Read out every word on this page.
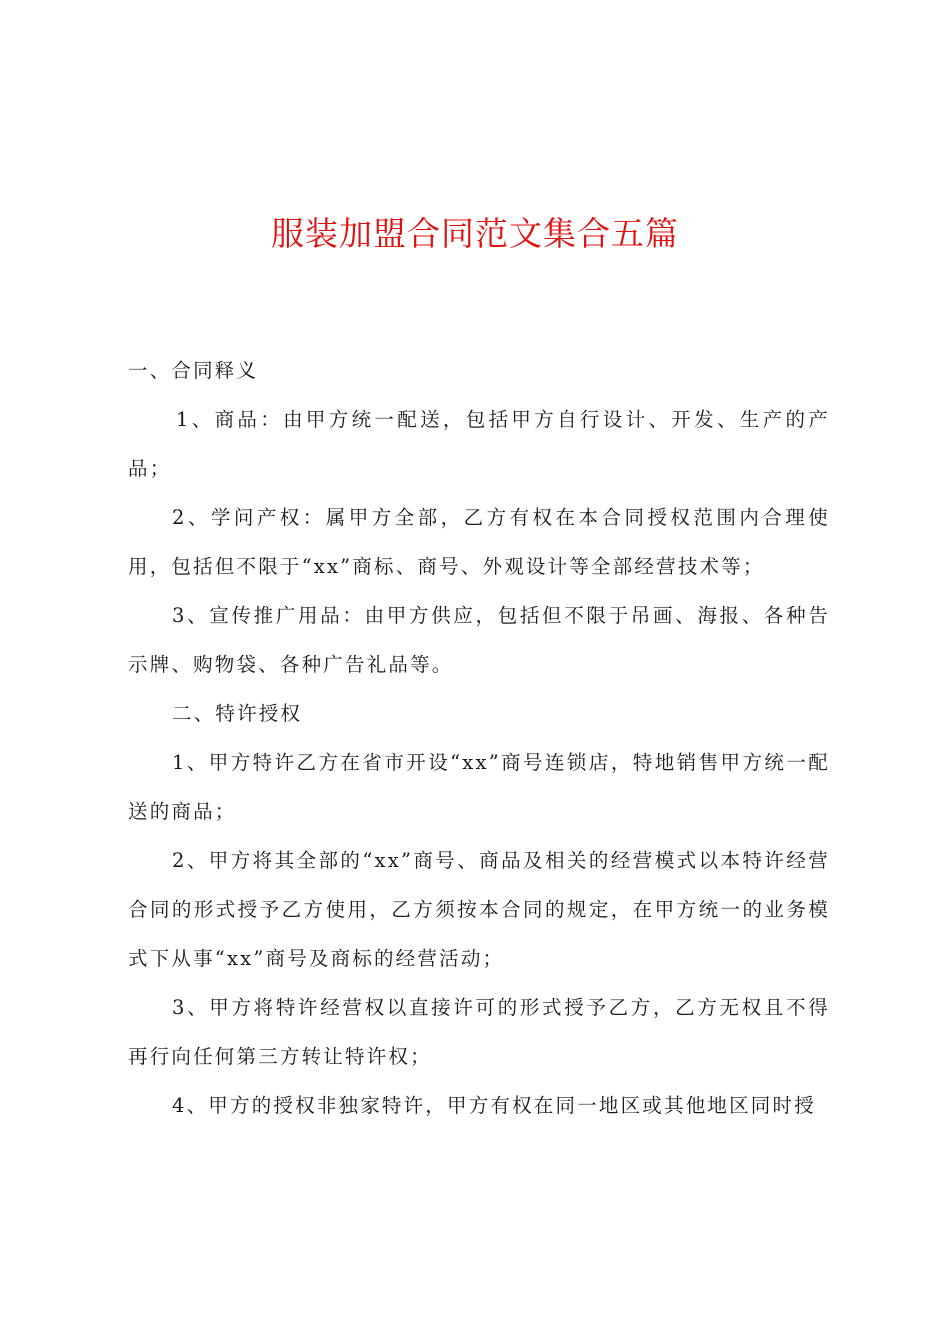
服装加盟合同范文集合五篇

一、合同释义

1、商品：由甲方统一配送，包括甲方自行设计、开发、生产的产品；

2、学问产权：属甲方全部，乙方有权在本合同授权范围内合理使用，包括但不限于“xx”商标、商号、外观设计等全部经营技术等；

3、宣传推广用品：由甲方供应，包括但不限于吊画、海报、各种告示牌、购物袋、各种广告礼品等。

二、特许授权

1、甲方特许乙方在省市开设“xx”商号连锁店，特地销售甲方统一配送的商品；

2、甲方将其全部的“xx”商号、商品及相关的经营模式以本特许经营合同的形式授予乙方使用，乙方须按本合同的规定，在甲方统一的业务模式下从事“xx”商号及商标的经营活动；

3、甲方将特许经营权以直接许可的形式授予乙方，乙方无权且不得再行向任何第三方转让特许权；

4、甲方的授权非独家特许，甲方有权在同一地区或其他地区同时授
